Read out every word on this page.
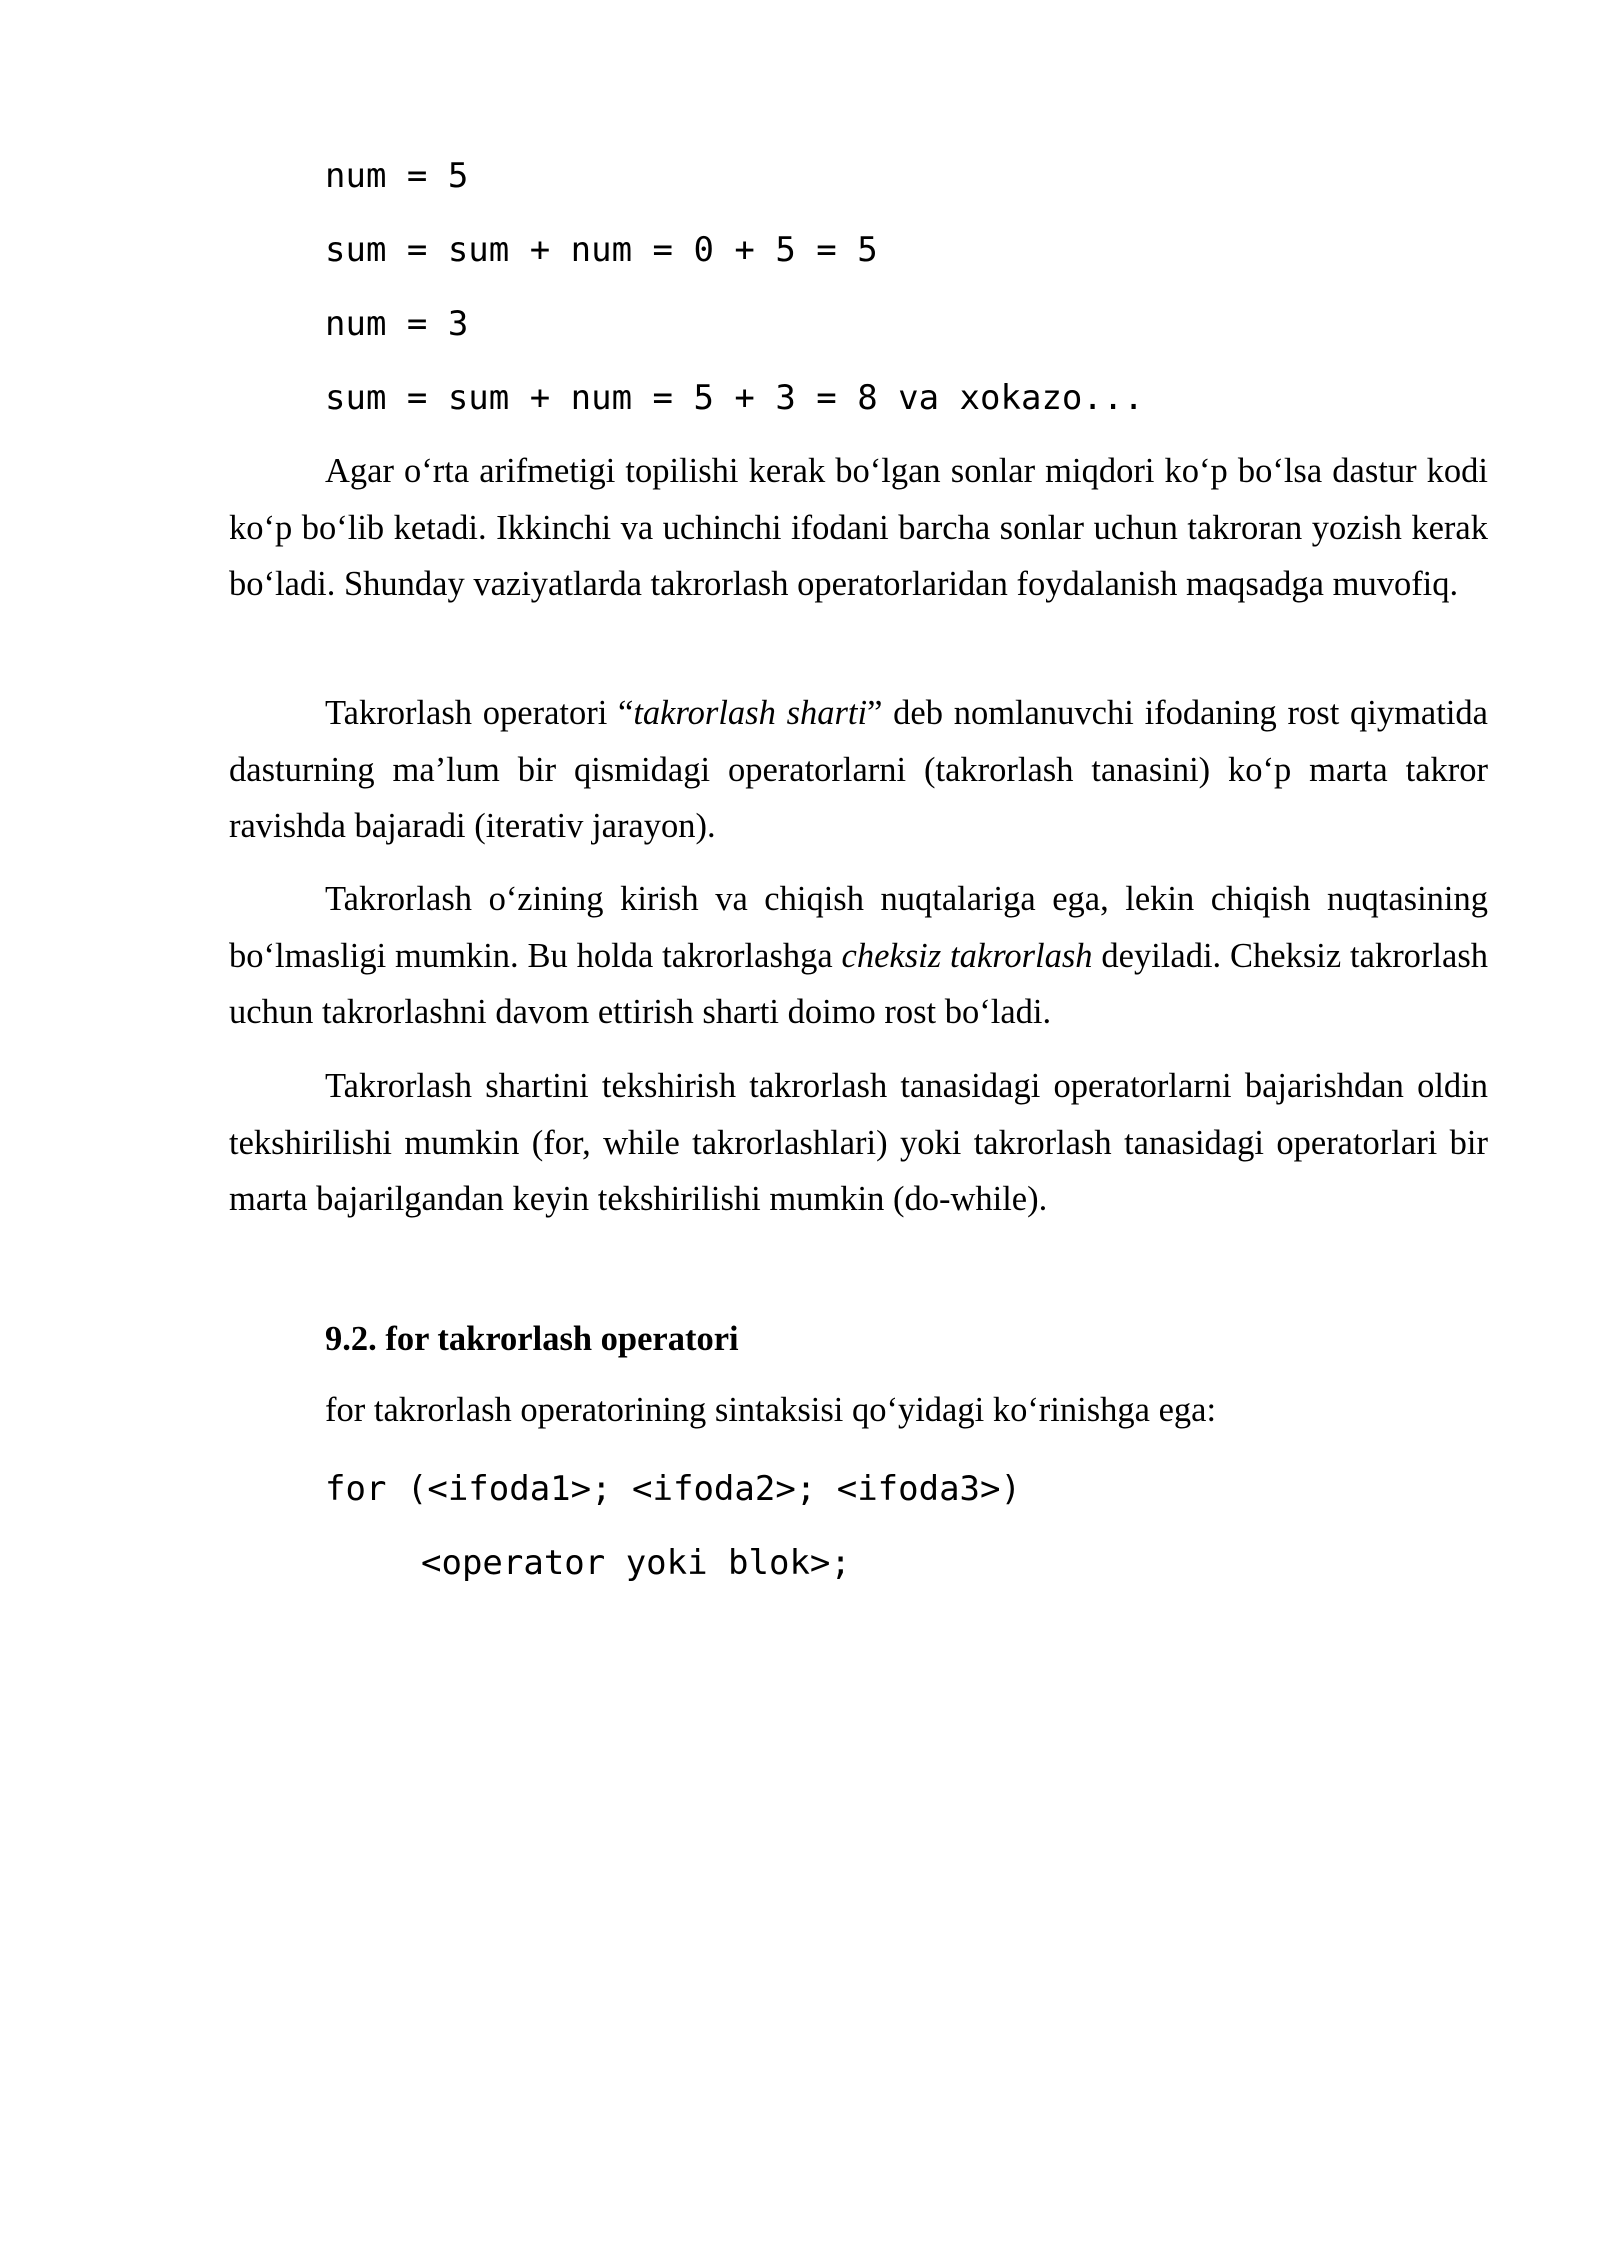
num = 5
sum = sum + num = 0 + 5 = 5
num = 3
sum = sum + num = 5 + 3 = 8 va xokazo...

Agar o‘rta arifmetigi topilishi kerak bo‘lgan sonlar miqdori ko‘p bo‘lsa dastur kodi ko‘p bo‘lib ketadi. Ikkinchi va uchinchi ifodani barcha sonlar uchun takroran yozish kerak bo‘ladi. Shunday vaziyatlarda takrorlash operatorlaridan foydalanish maqsadga muvofiq.

Takrorlash operatori “takrorlash sharti” deb nomlanuvchi ifodaning rost qiymatida dasturning ma’lum bir qismidagi operatorlarni (takrorlash tanasini) ko‘p marta takror ravishda bajaradi (iterativ jarayon).

Takrorlash o‘zining kirish va chiqish nuqtalariga ega, lekin chiqish nuqtasining bo‘lmasligi mumkin. Bu holda takrorlashga cheksiz takrorlash deyiladi. Cheksiz takrorlash uchun takrorlashni davom ettirish sharti doimo rost bo‘ladi.

Takrorlash shartini tekshirish takrorlash tanasidagi operatorlarni bajarishdan oldin tekshirilishi mumkin (for, while takrorlashlari) yoki takrorlash tanasidagi operatorlari bir marta bajarilgandan keyin tekshirilishi mumkin (do-while).

9.2. for takrorlash operatori

for takrorlash operatorining sintaksisi qo‘yidagi ko‘rinishga ega:

for (<ifoda1>; <ifoda2>; <ifoda3>)
<operator yoki blok>;
